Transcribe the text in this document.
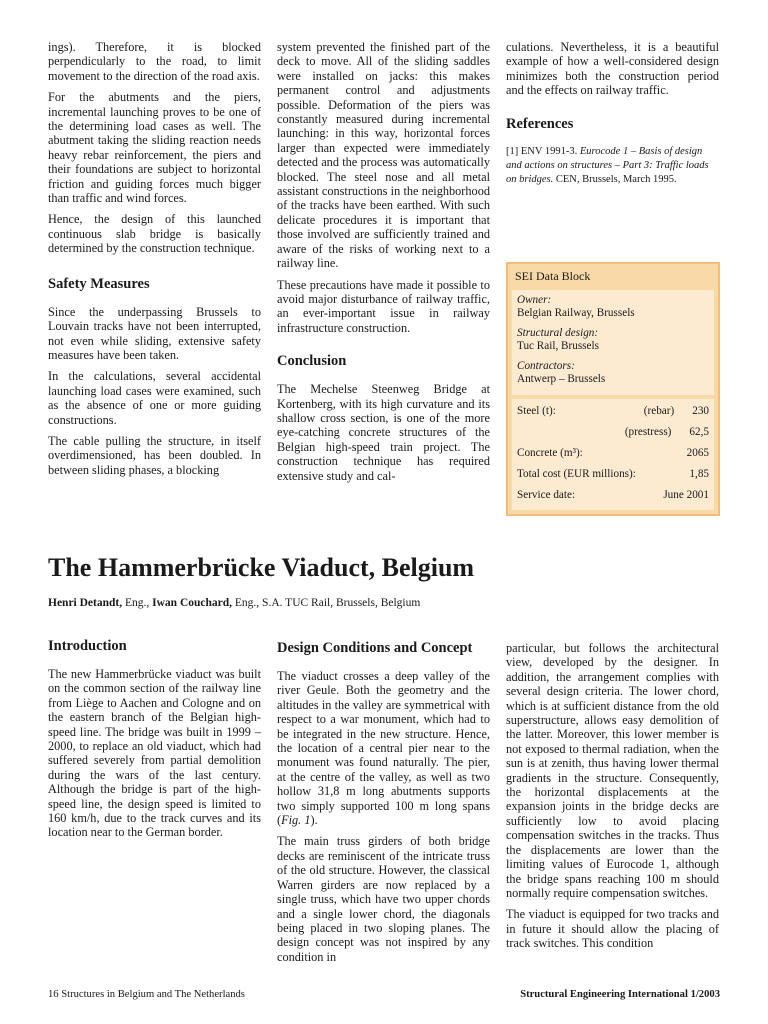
ings). Therefore, it is blocked perpendicularly to the road, to limit movement to the direction of the road axis.

For the abutments and the piers, incremental launching proves to be one of the determining load cases as well. The abutment taking the sliding reaction needs heavy rebar reinforcement, the piers and their foundations are subject to horizontal friction and guiding forces much bigger than traffic and wind forces.

Hence, the design of this launched continuous slab bridge is basically determined by the construction technique.

Safety Measures

Since the underpassing Brussels to Louvain tracks have not been interrupted, not even while sliding, extensive safety measures have been taken.

In the calculations, several accidental launching load cases were examined, such as the absence of one or more guiding constructions.

The cable pulling the structure, in itself overdimensioned, has been doubled. In between sliding phases, a blocking

system prevented the finished part of the deck to move. All of the sliding saddles were installed on jacks: this makes permanent control and adjustments possible. Deformation of the piers was constantly measured during incremental launching: in this way, horizontal forces larger than expected were immediately detected and the process was automatically blocked. The steel nose and all metal assistant constructions in the neighborhood of the tracks have been earthed. With such delicate procedures it is important that those involved are sufficiently trained and aware of the risks of working next to a railway line.

These precautions have made it possible to avoid major disturbance of railway traffic, an ever-important issue in railway infrastructure construction.

Conclusion

The Mechelse Steenweg Bridge at Kortenberg, with its high curvature and its shallow cross section, is one of the more eye-catching concrete structures of the Belgian high-speed train project. The construction technique has required extensive study and cal-

culations. Nevertheless, it is a beautiful example of how a well-considered design minimizes both the construction period and the effects on railway traffic.

References

[1] ENV 1991-3. Eurocode 1 – Basis of design and actions on structures – Part 3: Traffic loads on bridges. CEN, Brussels, March 1995.

SEI Data Block
Owner:
Belgian Railway, Brussels
Structural design:
Tuc Rail, Brussels
Contractors:
Antwerp – Brussels
Steel (t):	(rebar)	230
(prestress)	62,5
Concrete (m³):	2065
Total cost (EUR millions):	1,85
Service date:	June 2001
The Hammerbrücke Viaduct, Belgium
Henri Detandt, Eng., Iwan Couchard, Eng., S.A. TUC Rail, Brussels, Belgium
Introduction

The new Hammerbrücke viaduct was built on the common section of the railway line from Liège to Aachen and Cologne and on the eastern branch of the Belgian high-speed line. The bridge was built in 1999 – 2000, to replace an old viaduct, which had suffered severely from partial demolition during the wars of the last century. Although the bridge is part of the high-speed line, the design speed is limited to 160 km/h, due to the track curves and its location near to the German border.

Design Conditions and Concept

The viaduct crosses a deep valley of the river Geule. Both the geometry and the altitudes in the valley are symmetrical with respect to a war monument, which had to be integrated in the new structure. Hence, the location of a central pier near to the monument was found naturally. The pier, at the centre of the valley, as well as two hollow 31,8 m long abutments supports two simply supported 100 m long spans (Fig. 1).

The main truss girders of both bridge decks are reminiscent of the intricate truss of the old structure. However, the classical Warren girders are now replaced by a single truss, which have two upper chords and a single lower chord, the diagonals being placed in two sloping planes. The design concept was not inspired by any condition in

particular, but follows the architectural view, developed by the designer. In addition, the arrangement complies with several design criteria. The lower chord, which is at sufficient distance from the old superstructure, allows easy demolition of the latter. Moreover, this lower member is not exposed to thermal radiation, when the sun is at zenith, thus having lower thermal gradients in the structure. Consequently, the horizontal displacements at the expansion joints in the bridge decks are sufficiently low to avoid placing compensation switches in the tracks. Thus the displacements are lower than the limiting values of Eurocode 1, although the bridge spans reaching 100 m should normally require compensation switches.

The viaduct is equipped for two tracks and in future it should allow the placing of track switches. This condition

16 Structures in Belgium and The Netherlands	Structural Engineering International 1/2003
